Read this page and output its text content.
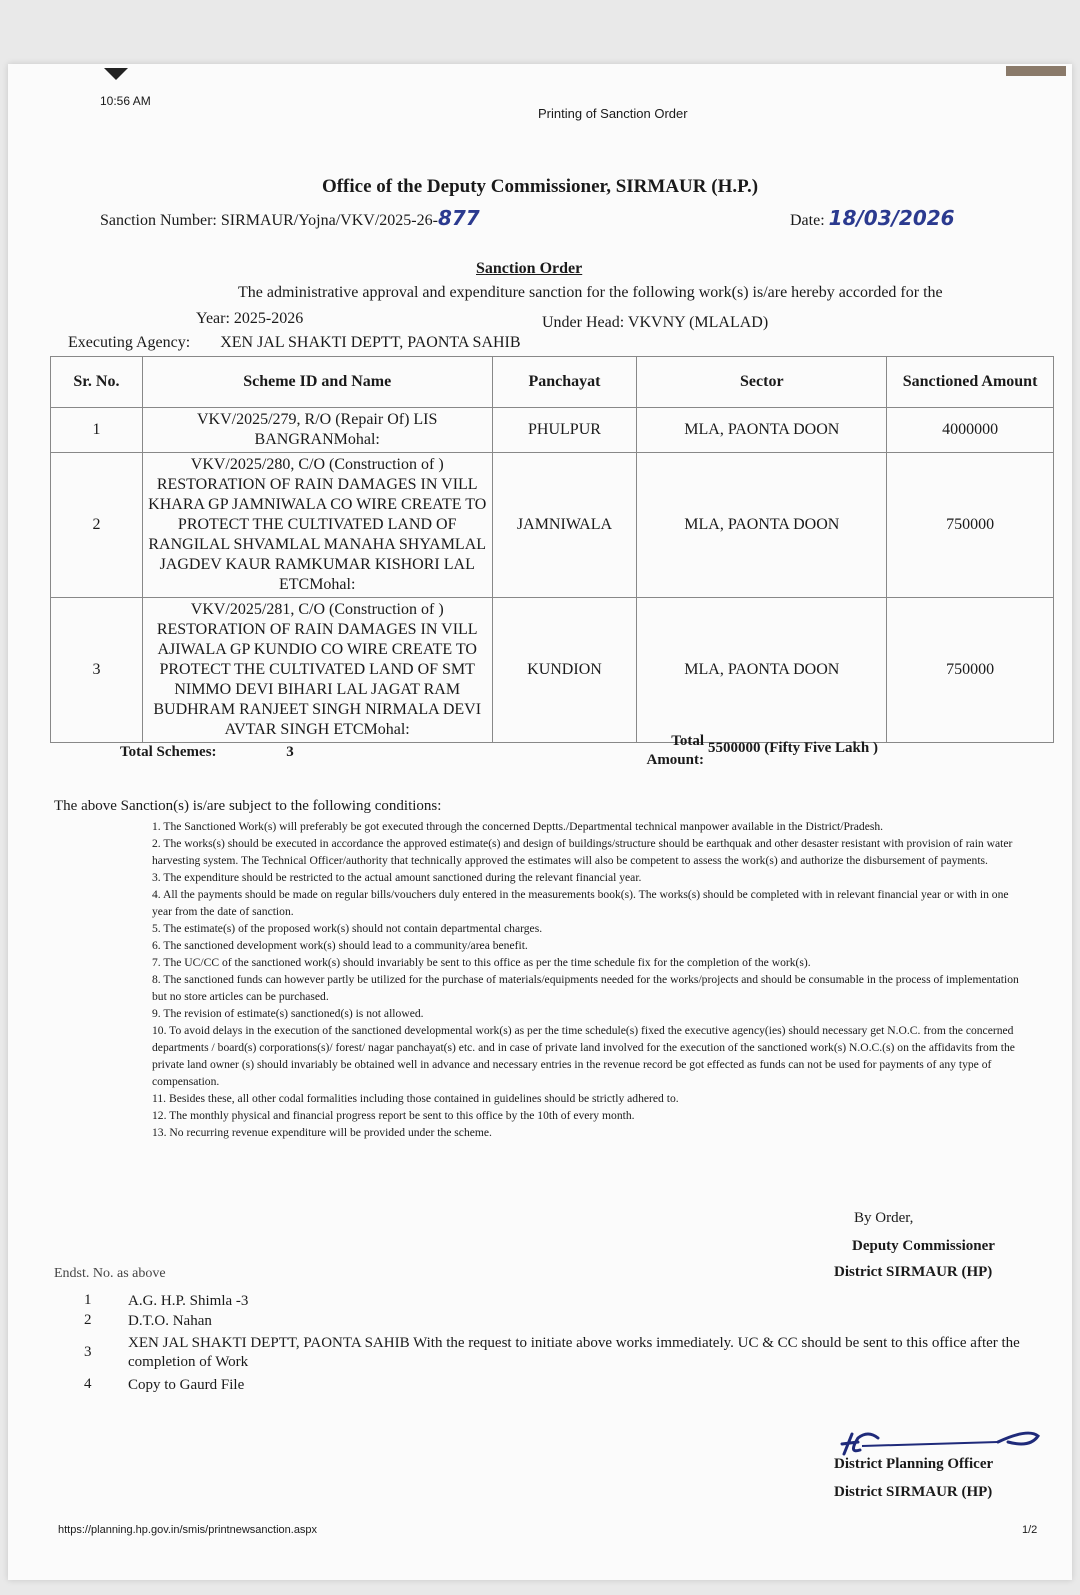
10:56 AM
Printing of Sanction Order
Office of the Deputy Commissioner, SIRMAUR (H.P.)
Sanction Number: SIRMAUR/Yojna/VKV/2025-26-877	Date: 18/03/2026
Sanction Order
The administrative approval and expenditure sanction for the following work(s) is/are hereby accorded for the
Year: 2025-2026	Under Head: VKVNY (MLALAD)
Executing Agency: XEN JAL SHAKTI DEPTT, PAONTA SAHIB
Sr. No.	Scheme ID and Name	Panchayat	Sector	Sanctioned Amount
1	VKV/2025/279, R/O (Repair Of) LIS BANGRANMohal:	PHULPUR	MLA, PAONTA DOON	4000000
2	VKV/2025/280, C/O (Construction of ) RESTORATION OF RAIN DAMAGES IN VILL KHARA GP JAMNIWALA CO WIRE CREATE TO PROTECT THE CULTIVATED LAND OF RANGILAL SHVAMLAL MANAHA SHYAMLAL JAGDEV KAUR RAMKUMAR KISHORI LAL ETCMohal:	JAMNIWALA	MLA, PAONTA DOON	750000
3	VKV/2025/281, C/O (Construction of ) RESTORATION OF RAIN DAMAGES IN VILL AJIWALA GP KUNDIO CO WIRE CREATE TO PROTECT THE CULTIVATED LAND OF SMT NIMMO DEVI BIHARI LAL JAGAT RAM BUDHRAM RANJEET SINGH NIRMALA DEVI AVTAR SINGH ETCMohal:	KUNDION	MLA, PAONTA DOON	750000
Total Schemes:	3
Total
Amount:
5500000 (Fifty Five Lakh )
The above Sanction(s) is/are subject to the following conditions:

1. The Sanctioned Work(s) will preferably be got executed through the concerned Deptts./Departmental technical manpower available in the District/Pradesh.

2. The works(s) should be executed in accordance the approved estimate(s) and design of buildings/structure should be earthquak and other desaster resistant with provision of rain water harvesting system. The Technical Officer/authority that technically approved the estimates will also be competent to assess the work(s) and authorize the disbursement of payments.

3. The expenditure should be restricted to the actual amount sanctioned during the relevant financial year.

4. All the payments should be made on regular bills/vouchers duly entered in the measurements book(s). The works(s) should be completed with in relevant financial year or with in one year from the date of sanction.

5. The estimate(s) of the proposed work(s) should not contain departmental charges.

6. The sanctioned development work(s) should lead to a community/area benefit.

7. The UC/CC of the sanctioned work(s) should invariably be sent to this office as per the time schedule fix for the completion of the work(s).

8. The sanctioned funds can however partly be utilized for the purchase of materials/equipments needed for the works/projects and should be consumable in the process of implementation but no store articles can be purchased.

9. The revision of estimate(s) sanctioned(s) is not allowed.

10. To avoid delays in the execution of the sanctioned developmental work(s) as per the time schedule(s) fixed the executive agency(ies) should necessary get N.O.C. from the concerned departments / board(s) corporations(s)/ forest/ nagar panchayat(s) etc. and in case of private land involved for the execution of the sanctioned work(s) N.O.C.(s) on the affidavits from the private land owner (s) should invariably be obtained well in advance and necessary entries in the revenue record be got effected as funds can not be used for payments of any type of compensation.

11. Besides these, all other codal formalities including those contained in guidelines should be strictly adhered to.

12. The monthly physical and financial progress report be sent to this office by the 10th of every month.

13. No recurring revenue expenditure will be provided under the scheme.

By Order,
Deputy Commissioner
District SIRMAUR (HP)
Endst. No. as above
1	A.G. H.P. Shimla -3
2	D.T.O. Nahan
3
XEN JAL SHAKTI DEPTT, PAONTA SAHIB With the request to initiate above works immediately. UC & CC should be sent to this office after the completion of Work
4	Copy to Gaurd File
District Planning Officer
District SIRMAUR (HP)
https://planning.hp.gov.in/smis/printnewsanction.aspx	1/2
